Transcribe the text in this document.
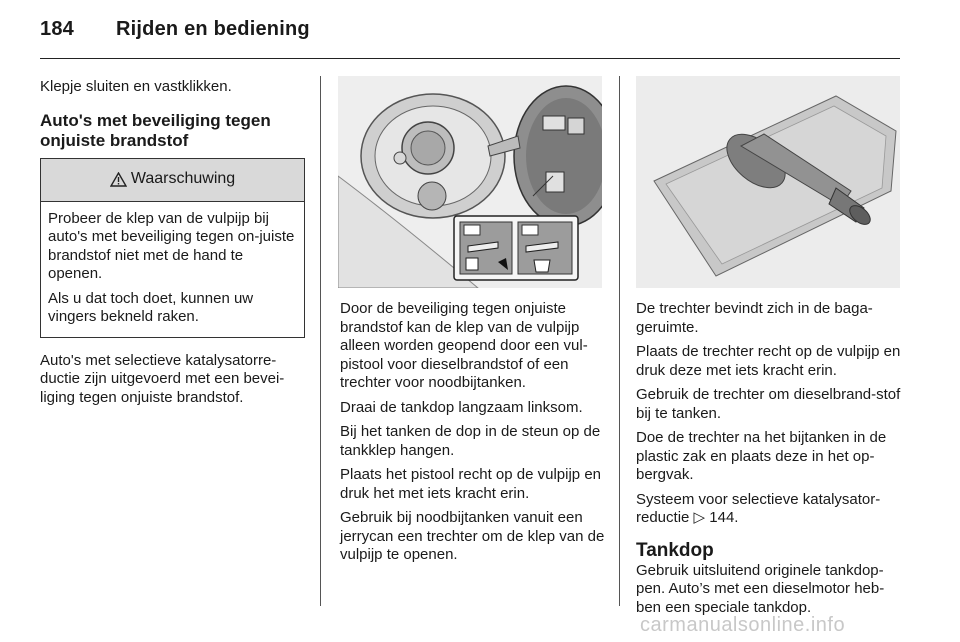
184 Rijden en bediening

Klepje sluiten en vastklikken.

Auto's met beveiliging tegen onjuiste brandstof
Waarschuwing

Probeer de klep van de vulpijp bij auto's met beveiliging tegen on-juiste brandstof niet met de hand te openen.

Als u dat toch doet, kunnen uw vingers bekneld raken.

Auto's met selectieve katalysatorre-ductie zijn uitgevoerd met een bevei-liging tegen onjuiste brandstof.

Door de beveiliging tegen onjuiste brandstof kan de klep van de vulpijp alleen worden geopend door een vul-pistool voor dieselbrandstof of een trechter voor noodbijtanken.

Draai de tankdop langzaam linksom.

Bij het tanken de dop in de steun op de tankklep hangen.

Plaats het pistool recht op de vulpijp en druk het met iets kracht erin.

Gebruik bij noodbijtanken vanuit een jerrycan een trechter om de klep van de vulpijp te openen.

De trechter bevindt zich in de baga-geruimte.

Plaats de trechter recht op de vulpijp en druk deze met iets kracht erin.

Gebruik de trechter om dieselbrand-stof bij te tanken.

Doe de trechter na het bijtanken in de plastic zak en plaats deze in het op-bergvak.

Systeem voor selectieve katalysator-reductie ▷ 144.

Tankdop

Gebruik uitsluitend originele tankdop-pen. Auto’s met een dieselmotor heb-ben een speciale tankdop.

carmanualsonline.info
